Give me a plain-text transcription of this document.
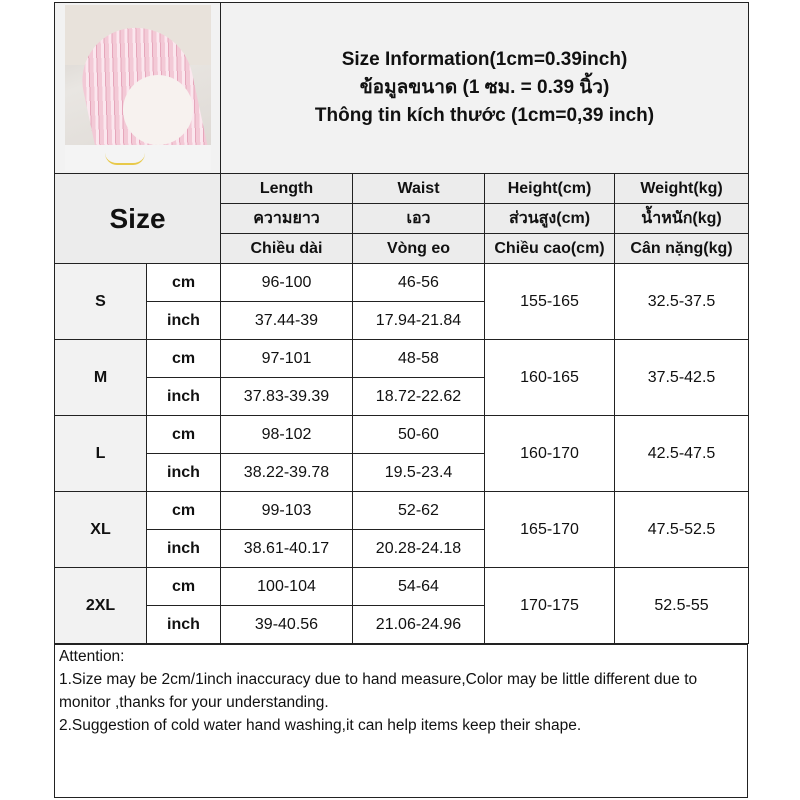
		Size Information(1cm=0.39inch)
ข้อมูลขนาด (1 ซม. = 0.39 นิ้ว)
Thông tin kích thước (1cm=0,39 inch)			

Size		Length	Waist	Height(cm)	Weight(kg)
		ความยาว	เอว	ส่วนสูง(cm)	น้ำหนัก(kg)
		Chiều dài	Vòng eo	Chiều cao(cm)	Cân nặng(kg)
S	cm	96-100	46-56	155-165	32.5-37.5
	inch	37.44-39	17.94-21.84		
M	cm	97-101	48-58	160-165	37.5-42.5
	inch	37.83-39.39	18.72-22.62		
L	cm	98-102	50-60	160-170	42.5-47.5
	inch	38.22-39.78	19.5-23.4		
XL	cm	99-103	52-62	165-170	47.5-52.5
	inch	38.61-40.17	20.28-24.18		
2XL	cm	100-104	54-64	170-175	52.5-55
	inch	39-40.56	21.06-24.96		
Attention:
1.Size may be 2cm/1inch inaccuracy due to hand measure,Color may be little different due to monitor ,thanks for your understanding.
2.Suggestion of cold water hand washing,it can help items keep their shape.
